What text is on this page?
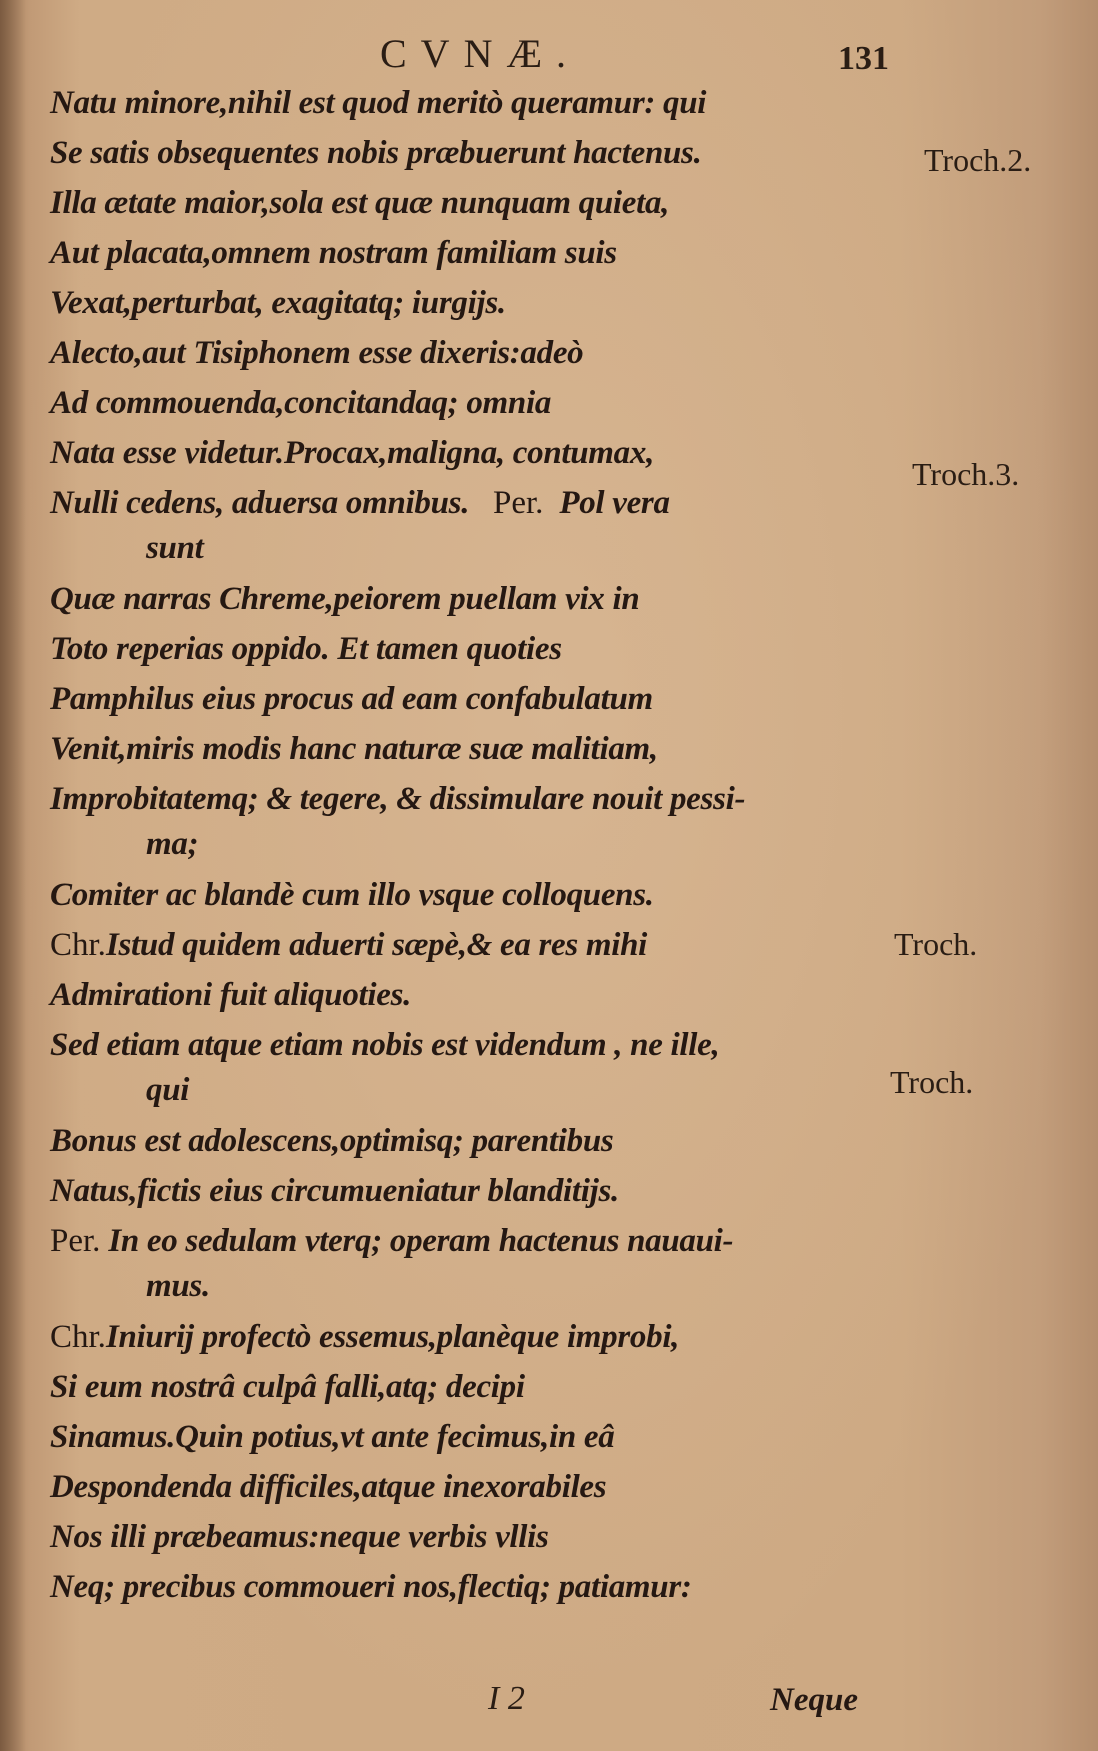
CVNÆ.	131
Natu minore,nihil est quod meritò queramur: qui
Se satis obsequentes nobis præbuerunt hactenus.
Illa ætate maior,sola est quæ nunquam quieta,
Aut placata,omnem nostram familiam suis
Vexat,perturbat, exagitatq; iurgijs.
Alecto,aut Tisiphonem esse dixeris:adeò
Ad commouenda,concitandaq; omnia
Nata esse videtur.Procax,maligna, contumax,
Nulli cedens, aduersa omnibus. Per. Pol vera
sunt
Quæ narras Chreme,peiorem puellam vix in
Toto reperias oppido. Et tamen quoties
Pamphilus eius procus ad eam confabulatum
Venit,miris modis hanc naturæ suæ malitiam,
Improbitatemq; & tegere, & dissimulare nouit pessi-
ma;
Comiter ac blandè cum illo vsque colloquens.
Chr.Istud quidem aduerti sæpè,& ea res mihi
Admirationi fuit aliquoties.
Sed etiam atque etiam nobis est videndum , ne ille,
qui
Bonus est adolescens,optimisq; parentibus
Natus,fictis eius circumueniatur blanditijs.
Per. In eo sedulam vterq; operam hactenus nauaui-
mus.
Chr.Iniurij profectò essemus,planèque improbi,
Si eum nostrâ culpâ falli,atq; decipi
Sinamus.Quin potius,vt ante fecimus,in eâ
Despondenda difficiles,atque inexorabiles
Nos illi præbeamus:neque verbis vllis
Neq; precibus commoueri nos,flectiq; patiamur:
Troch.2.
Troch.3.
Troch.
Troch.
I 2	Neque
